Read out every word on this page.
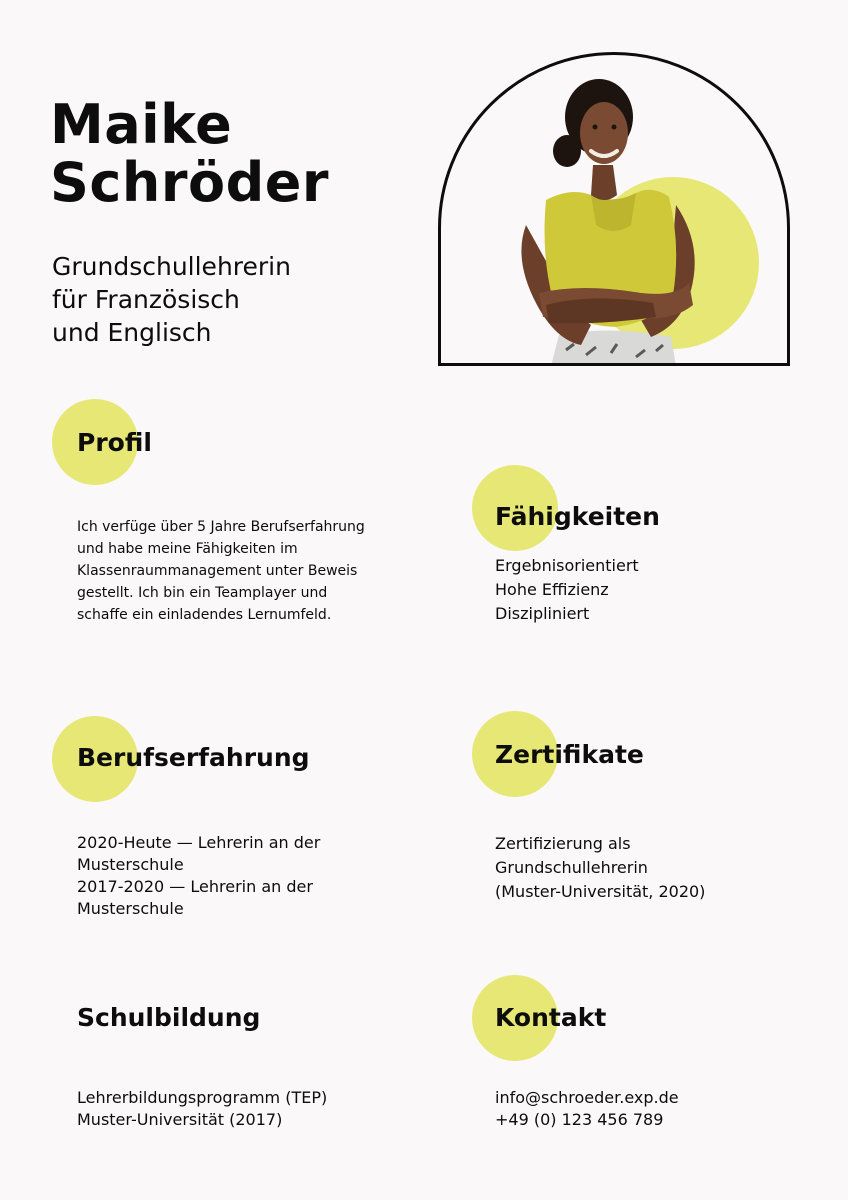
Maike
Schröder

Grundschullehrerin
für Französisch
und Englisch

Profil

Ich verfüge über 5 Jahre Berufserfahrung
und habe meine Fähigkeiten im
Klassenraummanagement unter Beweis
gestellt. Ich bin ein Teamplayer und
schaffe ein einladendes Lernumfeld.

Fähigkeiten

Ergebnisorientiert
Hohe Effizienz
Diszipliniert

Berufserfahrung

2020-Heute — Lehrerin an der
Musterschule
2017-2020 — Lehrerin an der
Musterschule

Zertifikate

Zertifizierung als
Grundschullehrerin
(Muster-Universität, 2020)

Schulbildung

Lehrerbildungsprogramm (TEP)
Muster-Universität (2017)

Kontakt

info@schroeder.exp.de
+49 (0) 123 456 789
